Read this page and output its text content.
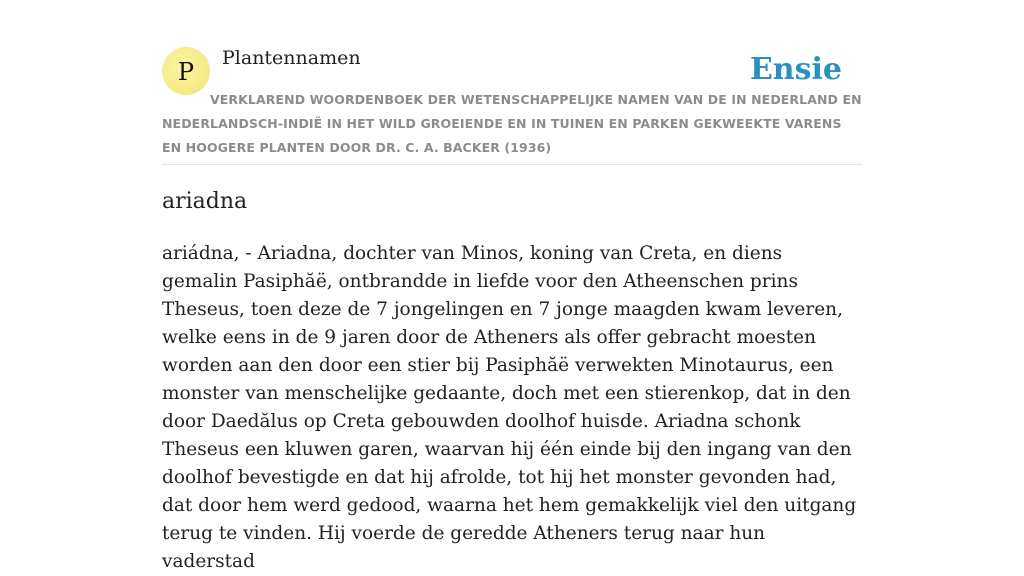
P Plantennamen	Ensie
VERKLAREND WOORDENBOEK DER WETENSCHAPPELIJKE NAMEN VAN DE IN NEDERLAND EN NEDERLANDSCH-INDIË IN HET WILD GROEIENDE EN IN TUINEN EN PARKEN GEKWEEKTE VARENS EN HOOGERE PLANTEN DOOR DR. C. A. BACKER (1936)
ariadna

ariádna, - Ariadna, dochter van Minos, koning van Creta, en diens gemalin Pasiphăë, ontbrandde in liefde voor den Atheenschen prins Theseus, toen deze de 7 jongelingen en 7 jonge maagden kwam leveren, welke eens in de 9 jaren door de Atheners als offer gebracht moesten worden aan den door een stier bij Pasiphăë verwekten Minotaurus, een monster van menschelijke gedaante, doch met een stierenkop, dat in den door Daedălus op Creta gebouwden doolhof huisde. Ariadna schonk Theseus een kluwen garen, waarvan hij één einde bij den ingang van den doolhof bevestigde en dat hij afrolde, tot hij het monster gevonden had, dat door hem werd gedood, waarna het hem gemakkelijk viel den uitgang terug te vinden. Hij voerde de geredde Atheners terug naar hun vaderstad
